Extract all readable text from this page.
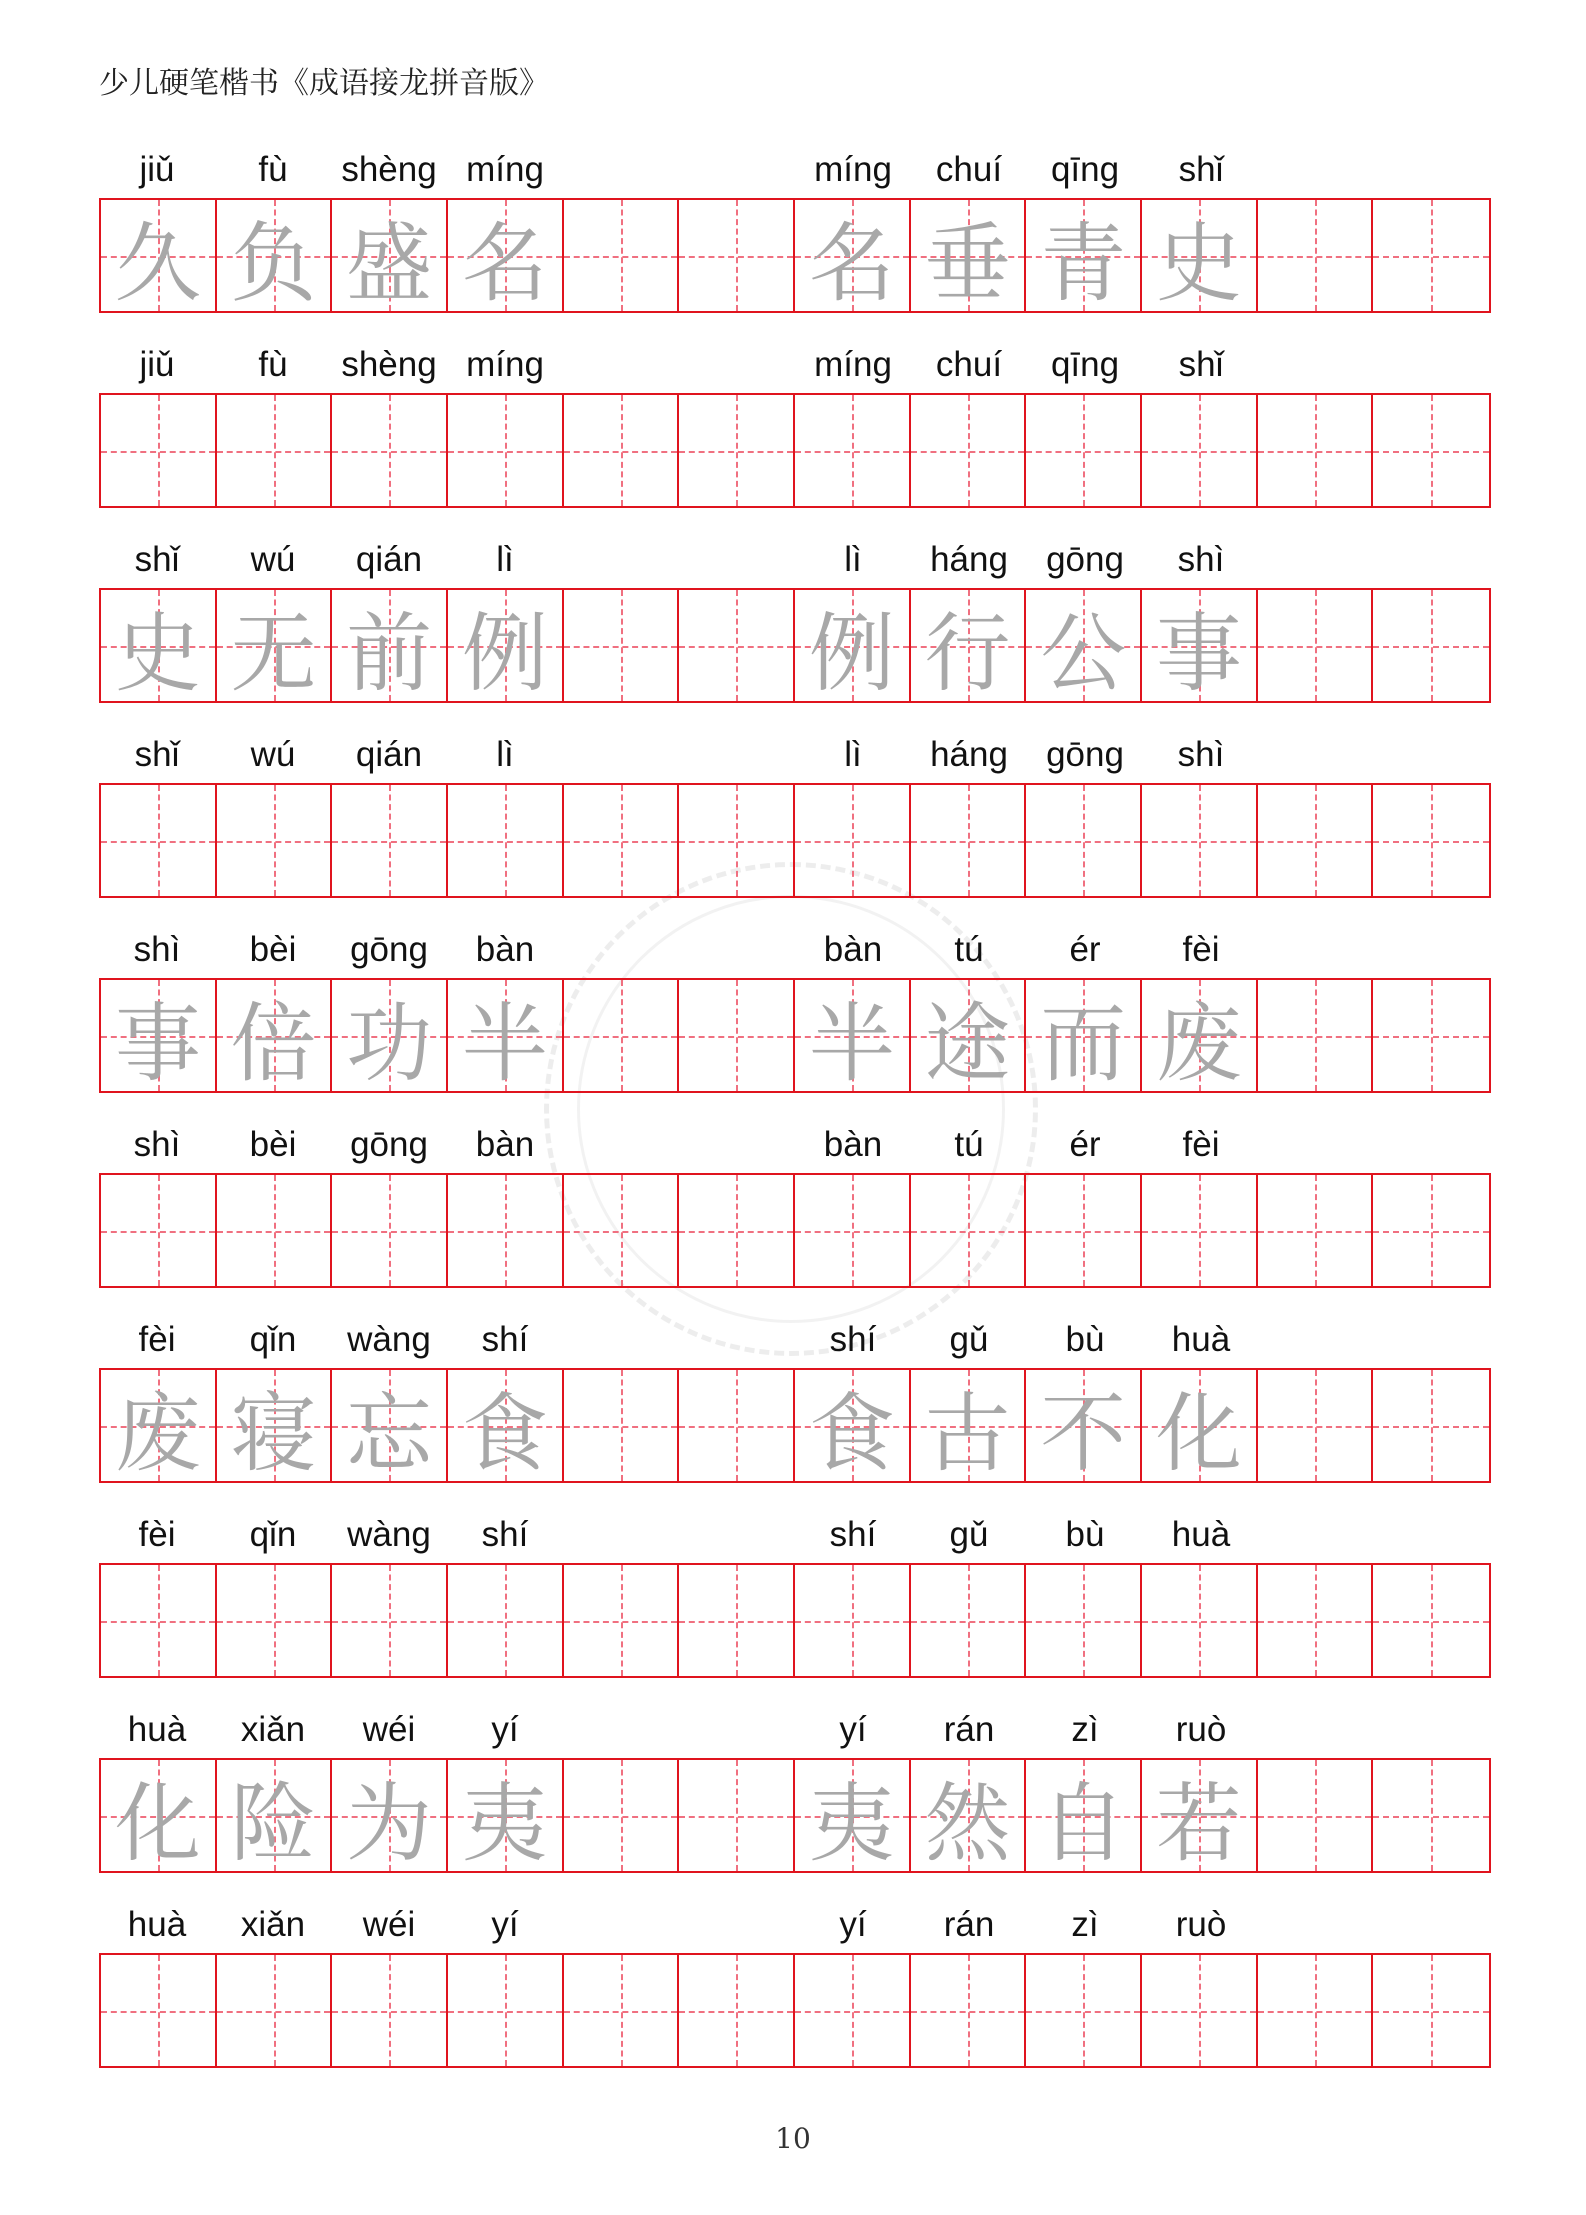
少儿硬笔楷书《成语接龙拼音版》
jiǔ	fù	shèng míng	míng	chuí	qīng	shǐ
久 负 盛 名	名 垂 青 史
jiǔ	fù	shèng míng	míng	chuí	qīng	shǐ
shǐ	wú	qián	lì	lì	háng	gōng	shì
史 无 前 例	例 行 公 事
shǐ	wú	qián	lì	lì	háng	gōng	shì
shì	bèi	gōng	bàn	bàn	tú	ér	fèi
事 倍 功 半	半 途 而 废
shì	bèi	gōng	bàn	bàn	tú	ér	fèi
fèi	qǐn	wàng	shí	shí	gǔ	bù	huà
废 寝 忘 食	食 古 不 化
fèi	qǐn	wàng	shí	shí	gǔ	bù	huà
huà	xiǎn	wéi	yí	yí	rán	zì	ruò
化 险 为 夷	夷 然 自 若
huà	xiǎn	wéi	yí	yí	rán	zì	ruò
10
